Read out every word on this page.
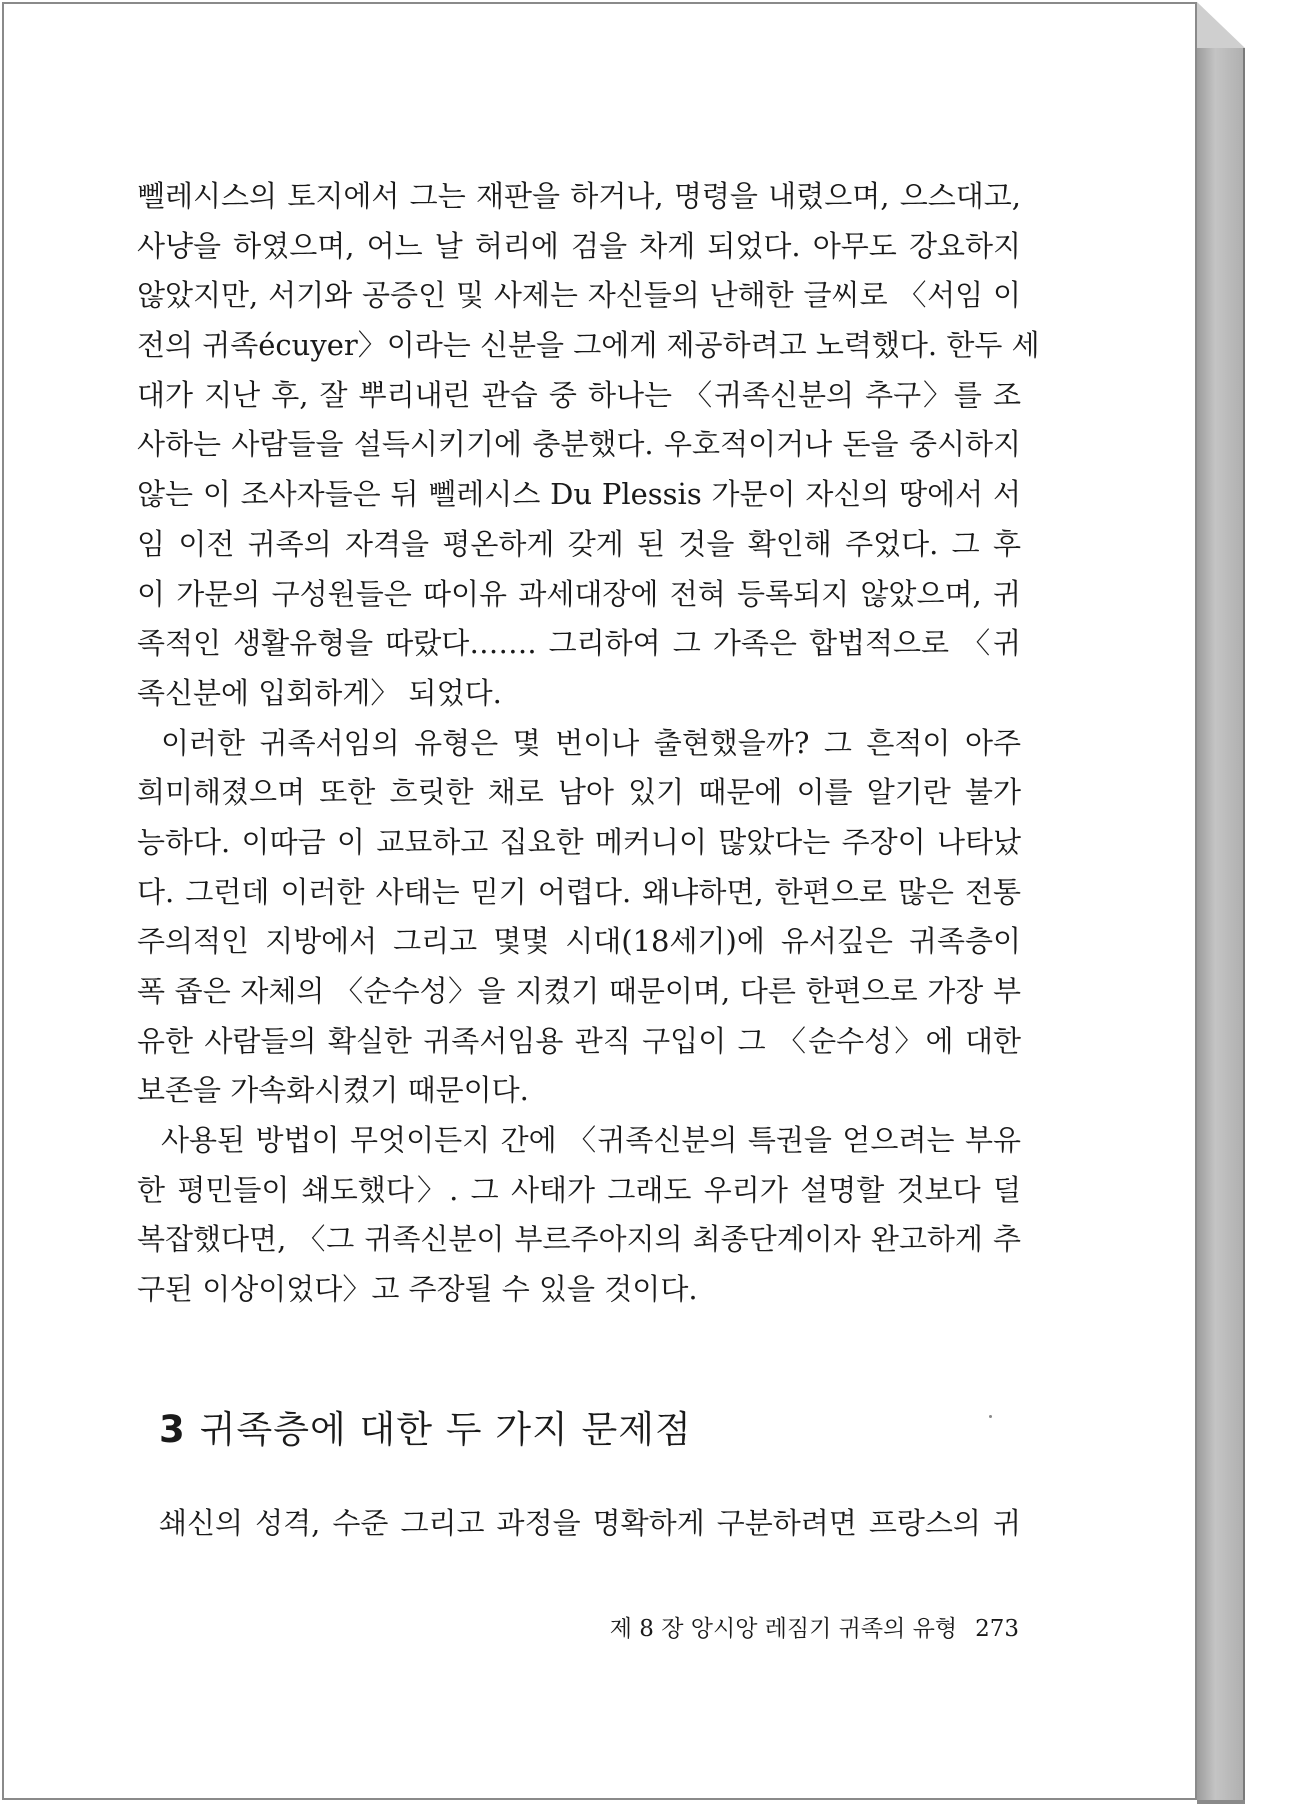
뻴레시스의 토지에서 그는 재판을 하거나, 명령을 내렸으며, 으스대고,
사냥을 하였으며, 어느 날 허리에 검을 차게 되었다. 아무도 강요하지
않았지만, 서기와 공증인 및 사제는 자신들의 난해한 글씨로 〈서임 이
전의 귀족écuyer〉이라는 신분을 그에게 제공하려고 노력했다. 한두 세
대가 지난 후, 잘 뿌리내린 관습 중 하나는 〈귀족신분의 추구〉를 조
사하는 사람들을 설득시키기에 충분했다. 우호적이거나 돈을 중시하지
않는 이 조사자들은 뒤 뻴레시스 Du Plessis 가문이 자신의 땅에서 서
임 이전 귀족의 자격을 평온하게 갖게 된 것을 확인해 주었다. 그 후
이 가문의 구성원들은 따이유 과세대장에 전혀 등록되지 않았으며, 귀
족적인 생활유형을 따랐다……. 그리하여 그 가족은 합법적으로 〈귀
족신분에 입회하게〉 되었다.
이러한 귀족서임의 유형은 몇 번이나 출현했을까? 그 흔적이 아주
희미해졌으며 또한 흐릿한 채로 남아 있기 때문에 이를 알기란 불가
능하다. 이따금 이 교묘하고 집요한 메커니이 많았다는 주장이 나타났
다. 그런데 이러한 사태는 믿기 어렵다. 왜냐하면, 한편으로 많은 전통
주의적인 지방에서 그리고 몇몇 시대(18세기)에 유서깊은 귀족층이
폭 좁은 자체의 〈순수성〉을 지켰기 때문이며, 다른 한편으로 가장 부
유한 사람들의 확실한 귀족서임용 관직 구입이 그 〈순수성〉에 대한
보존을 가속화시켰기 때문이다.
사용된 방법이 무엇이든지 간에 〈귀족신분의 특권을 얻으려는 부유
한 평민들이 쇄도했다〉. 그 사태가 그래도 우리가 설명할 것보다 덜
복잡했다면, 〈그 귀족신분이 부르주아지의 최종단계이자 완고하게 추
구된 이상이었다〉고 주장될 수 있을 것이다.
3 귀족층에 대한 두 가지 문제점
쇄신의 성격, 수준 그리고 과정을 명확하게 구분하려면 프랑스의 귀
제 8 장 앙시앙 레짐기 귀족의 유형 273
